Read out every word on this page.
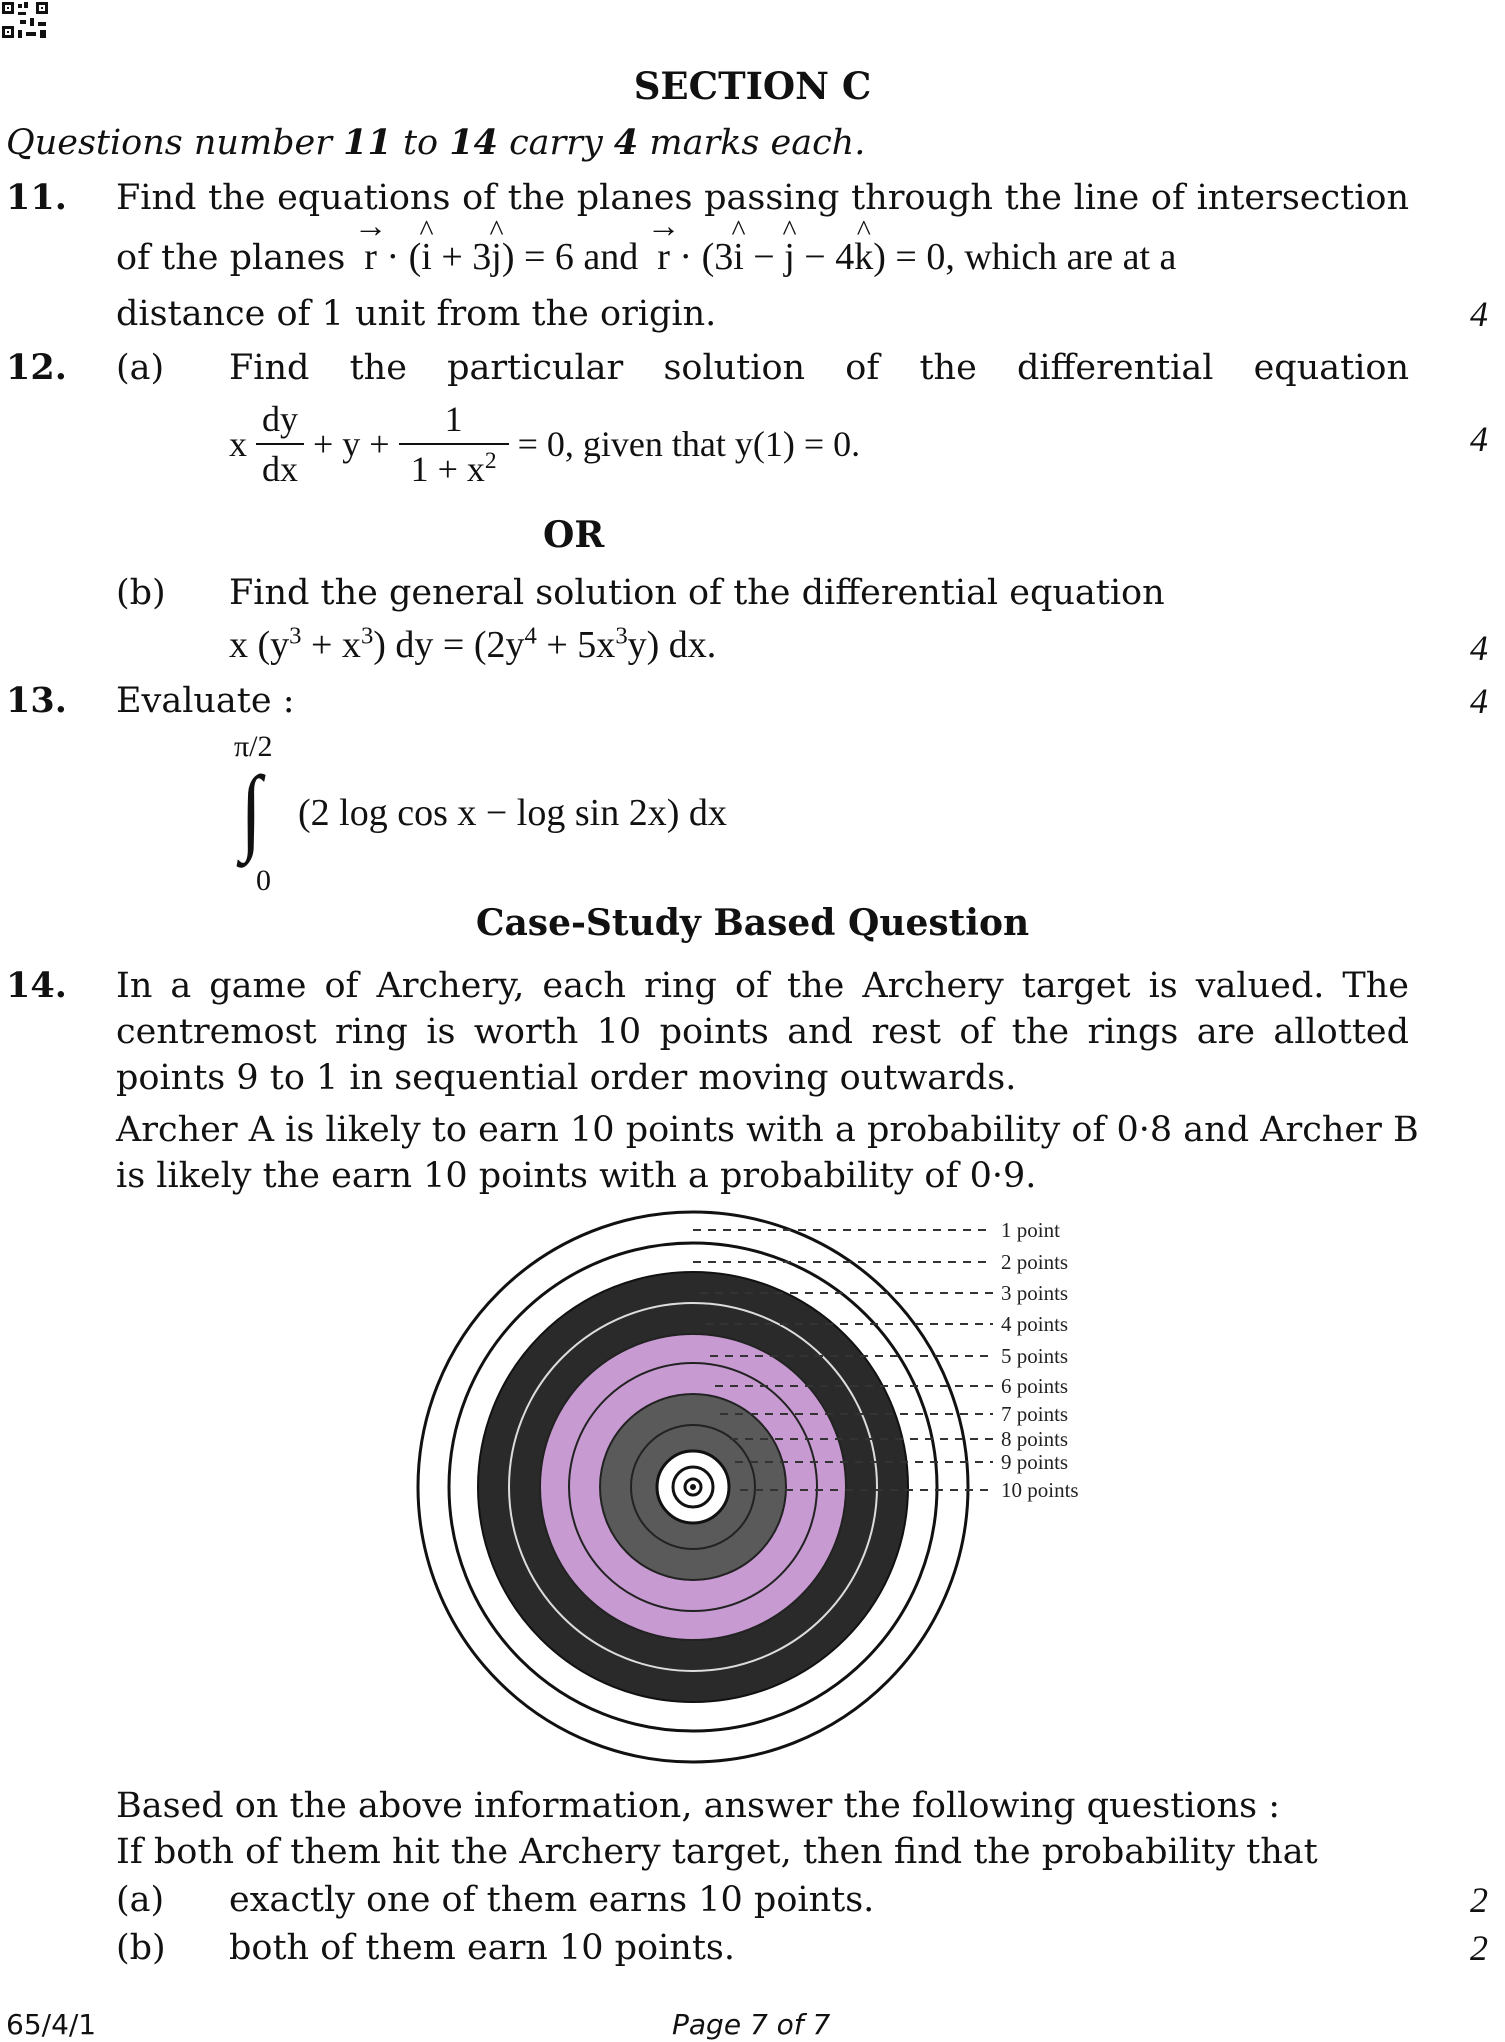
SECTION C
Questions number 11 to 14 carry 4 marks each.
11. Find the equations of the planes passing through the line of intersection
of the planes → r · (^ i + 3^ j) = 6 and → r · (3^ i − ^ j − 4^ k) = 0, which are at a
distance of 1 unit from the origin.	4
12. (a) Find the particular solution of the differential equation
x $\frac{dy}{dx} + y + \frac{1}{1 + x^2} = 0$, given that y(1) = 0.	4
OR
(b) Find the general solution of the differential equation
x $(y^3 + x^3)$ dy = $(2y^4 + 5x^3y)$ dx.	4
13. Evaluate :	4
π/2
∫
0
(2 log cos x − log sin 2x) dx
Case-Study Based Question
14. In a game of Archery, each ring of the Archery target is valued. The
centremost ring is worth 10 points and rest of the rings are allotted
points 9 to 1 in sequential order moving outwards.
Archer A is likely to earn 10 points with a probability of 0·8 and Archer B
is likely the earn 10 points with a probability of 0·9.
1 point
2 points
3 points
4 points
5 points
6 points
7 points
8 points
9 points
10 points
Based on the above information, answer the following questions :
If both of them hit the Archery target, then find the probability that
(a) exactly one of them earns 10 points.	2
(b) both of them earn 10 points.	2
65/4/1	Page 7 of 7
